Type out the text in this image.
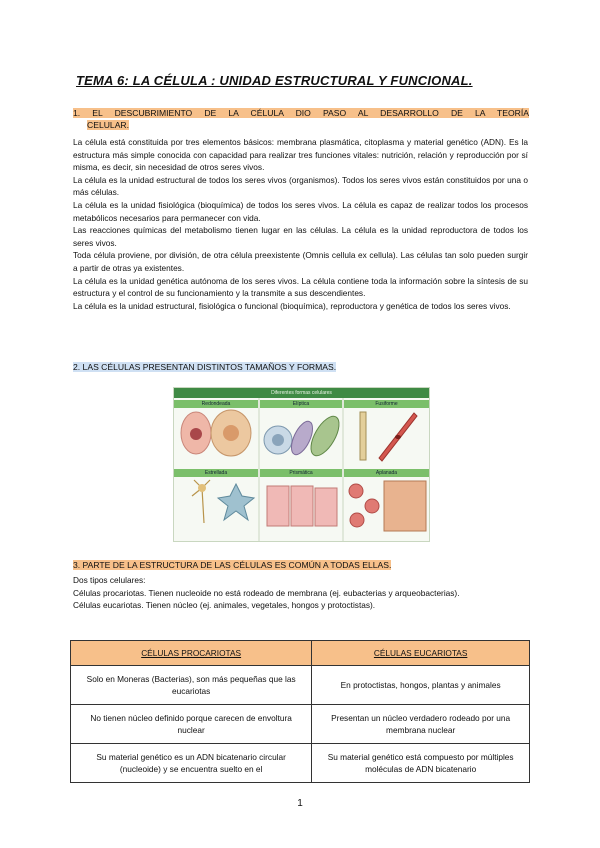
TEMA 6: LA CÉLULA : UNIDAD ESTRUCTURAL Y FUNCIONAL.
1. EL DESCUBRIMIENTO DE LA CÉLULA DIO PASO AL DESARROLLO DE LA TEORÍA
CELULAR.

La célula está constituida por tres elementos básicos: membrana plasmática, citoplasma y material genético (ADN). Es la estructura más simple conocida con capacidad para realizar tres funciones vitales: nutrición, relación y reproducción por sí misma, es decir, sin necesidad de otros seres vivos.

La célula es la unidad estructural de todos los seres vivos (organismos). Todos los seres vivos están constituidos por una o más células.

La célula es la unidad fisiológica (bioquímica) de todos los seres vivos. La célula es capaz de realizar todos los procesos metabólicos necesarios para permanecer con vida.

Las reacciones químicas del metabolismo tienen lugar en las células. La célula es la unidad reproductora de todos los seres vivos.

Toda célula proviene, por división, de otra célula preexistente (Omnis cellula ex cellula). Las células tan solo pueden surgir a partir de otras ya existentes.

La célula es la unidad genética autónoma de los seres vivos. La célula contiene toda la información sobre la síntesis de su estructura y el control de su funcionamiento y la transmite a sus descendientes.

La célula es la unidad estructural, fisiológica o funcional (bioquímica), reproductora y genética de todos los seres vivos.

2. LAS CÉLULAS PRESENTAN DISTINTOS TAMAÑOS Y FORMAS.
Diferentes formas celulares
Redondeada	Elíptica	Fusiforme
Estrellada	Prismática	Aplanada
3. PARTE DE LA ESTRUCTURA DE LAS CÉLULAS ES COMÚN A TODAS ELLAS.

Dos tipos celulares:

Células procariotas. Tienen nucleoide no está rodeado de membrana (ej. eubacterias y arqueobacterias).

Células eucariotas. Tienen núcleo (ej. animales, vegetales, hongos y protoctistas).

CÉLULAS PROCARIOTAS	CÉLULAS EUCARIOTAS
Solo en Moneras (Bacterias), son más pequeñas que las eucariotas	En protoctistas, hongos, plantas y animales
No tienen núcleo definido porque carecen de envoltura nuclear	Presentan un núcleo verdadero rodeado por una membrana nuclear
Su material genético es un ADN bicatenario circular (nucleoide) y se encuentra suelto en el	Su material genético está compuesto por múltiples moléculas de ADN bicatenario
1
